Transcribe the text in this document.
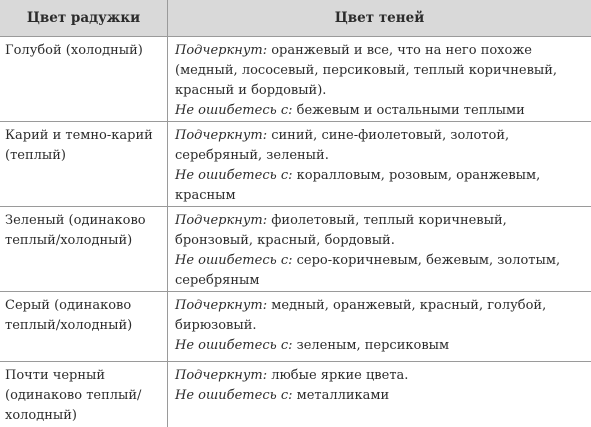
Цвет радужки	Цвет теней
Голубой (холодный)	Подчеркнут: оранжевый и все, что на него похоже (медный, лососевый, персиковый, теплый коричневый, красный и бордовый).

Не ошибетесь с: бежевым и остальными теплыми

Карий и темно-карий (теплый)

Подчеркнут: синий, сине-фиолетовый, золотой, серебряный, зеленый.

Не ошибетесь с: коралловым, розовым, оранжевым, красным

Зеленый (одинаково теплый/холодный)

Подчеркнут: фиолетовый, теплый коричневый, бронзовый, красный, бордовый.

Не ошибетесь с: серо-коричневым, бежевым, золотым, серебряным

Серый (одинаково теплый/холодный)

Подчеркнут: медный, оранжевый, красный, голубой, бирюзовый.

Не ошибетесь с: зеленым, персиковым

Почти черный (одинаково теплый/холодный)

Подчеркнут: любые яркие цвета.

Не ошибетесь с: металликами
